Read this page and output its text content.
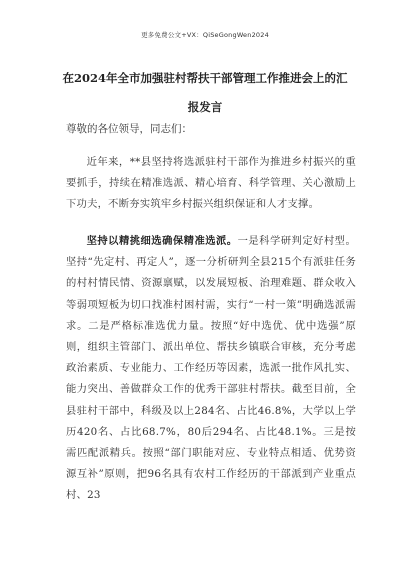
更多免费公文+VX：QiSeGongWen2024
在2024年全市加强驻村帮扶干部管理工作推进会上的汇报发言
尊敬的各位领导，同志们：
近年来，**县坚持将选派驻村干部作为推进乡村振兴的重要抓手，持续在精准选派、精心培育、科学管理、关心激励上下功夫，不断夯实筑牢乡村振兴组织保证和人才支撑。
坚持以精挑细选确保精准选派。一是科学研判定好村型。坚持“先定村、再定人”，逐一分析研判全县215个有派驻任务的村村情民情、资源禀赋，以发展短板、治理难题、群众收入等弱项短板为切口找准村困村需，实行“一村一策”明确选派需求。二是严格标准选优力量。按照“好中选优、优中选强”原则，组织主管部门、派出单位、帮扶乡镇联合审核，充分考虑政治素质、专业能力、工作经历等因素，选派一批作风扎实、能力突出、善做群众工作的优秀干部驻村帮扶。截至目前，全县驻村干部中，科级及以上284名、占比46.8%，大学以上学历420名、占比68.7%，80后294名、占比48.1%。三是按需匹配派精兵。按照“部门职能对应、专业特点相适、优势资源互补”原则，把96名具有农村工作经历的干部派到产业重点村、23
